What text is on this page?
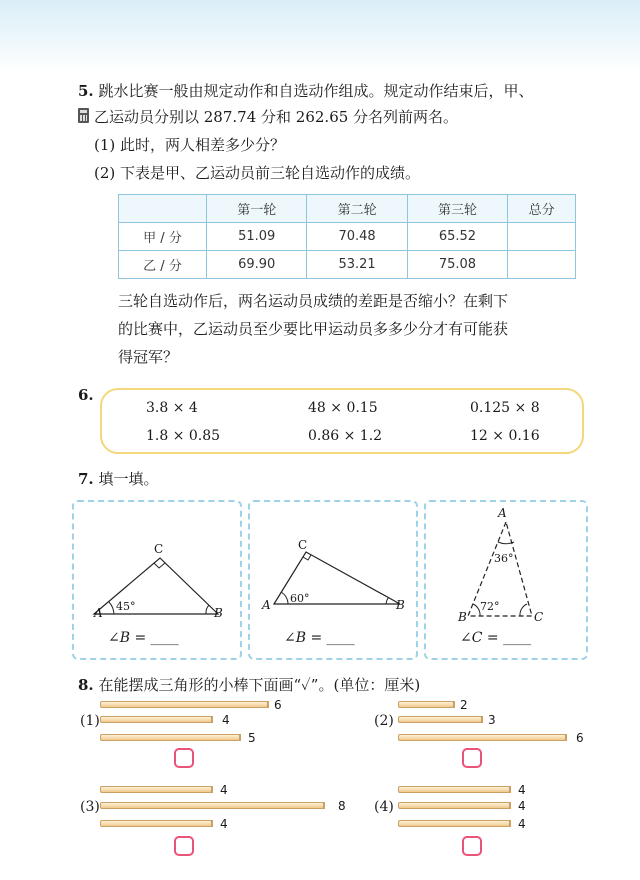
5. 跳水比赛一般由规定动作和自选动作组成。规定动作结束后，甲、
乙运动员分别以 287.74 分和 262.65 分名列前两名。
(1) 此时，两人相差多少分？
(2) 下表是甲、乙运动员前三轮自选动作的成绩。
	第一轮	第二轮	第三轮	总分
甲 / 分	51.09	70.48	65.52	
乙 / 分	69.90	53.21	75.08	
三轮自选动作后，两名运动员成绩的差距是否缩小？在剩下
的比赛中，乙运动员至少要比甲运动员多多少分才有可能获
得冠军？
6.
3.8 × 4	48 × 0.15	0.125 × 8
1.8 × 0.85	0.86 × 1.2	12 × 0.16
7. 填一填。
C
A	B
45°
∠B = ____
C
A	B
60°
∠B = ____
A
B	C
36°
72°
∠C = ____
8. 在能摆成三角形的小棒下面画“✓”。(单位：厘米)
(1)
6
4
5
(2)
2
3
6
(3)
4
8
4
(4)
4
4
4
